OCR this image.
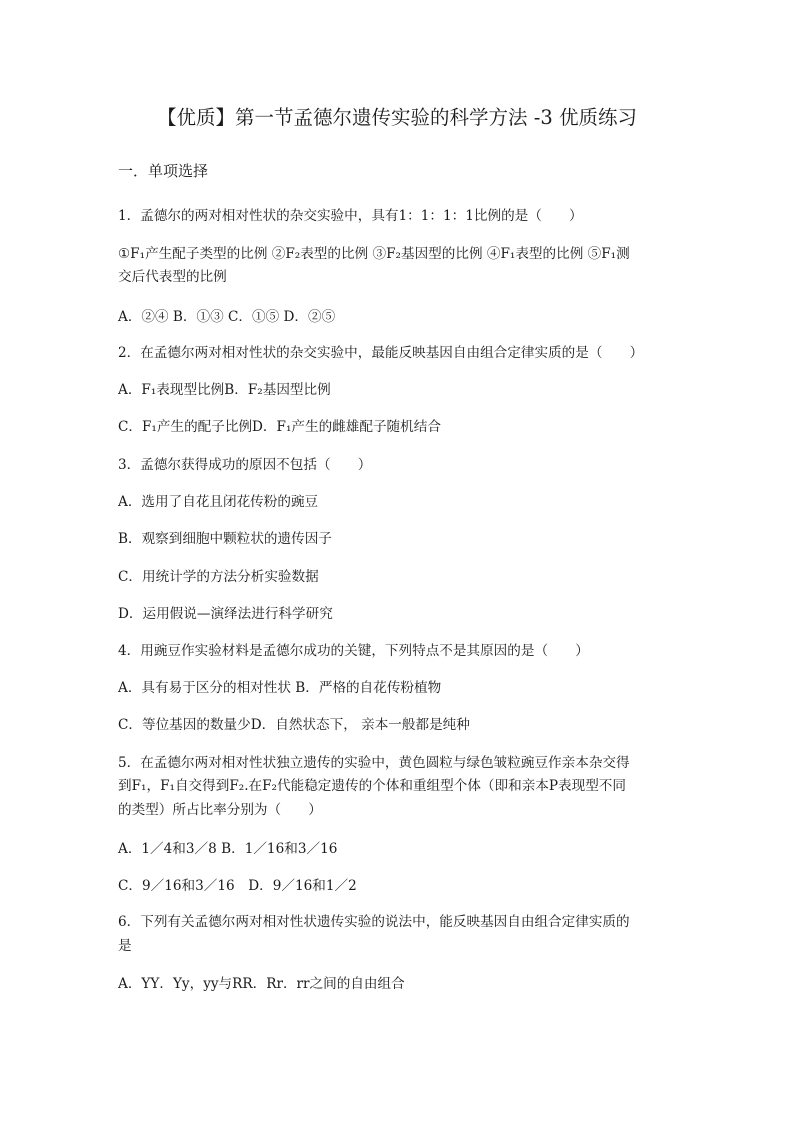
【优质】第一节孟德尔遗传实验的科学方法 -3 优质练习
一．单项选择
1．孟德尔的两对相对性状的杂交实验中，具有1：1：1：1比例的是（　　）
①F₁产生配子类型的比例 ②F₂表型的比例 ③F₂基因型的比例 ④F₁表型的比例 ⑤F₁测
交后代表型的比例
A．②④ B．①③ C．①⑤ D．②⑤
2．在孟德尔两对相对性状的杂交实验中，最能反映基因自由组合定律实质的是（　　）
A．F₁表现型比例B．F₂基因型比例
C．F₁产生的配子比例D．F₁产生的雌雄配子随机结合
3．孟德尔获得成功的原因不包括（　　）
A．选用了自花且闭花传粉的豌豆
B．观察到细胞中颗粒状的遗传因子
C．用统计学的方法分析实验数据
D．运用假说—演绎法进行科学研究
4．用豌豆作实验材料是孟德尔成功的关键，下列特点不是其原因的是（　　）
A．具有易于区分的相对性状 B．严格的自花传粉植物
C．等位基因的数量少D．自然状态下， 亲本一般都是纯种
5．在孟德尔两对相对性状独立遗传的实验中，黄色圆粒与绿色皱粒豌豆作亲本杂交得
到F₁，F₁自交得到F₂.在F₂代能稳定遗传的个体和重组型个体（即和亲本P表现型不同
的类型）所占比率分别为（　　）
A．1／4和3／8 B．1／16和3／16
C．9／16和3／16　D．9／16和1／2
6．下列有关孟德尔两对相对性状遗传实验的说法中，能反映基因自由组合定律实质的
是
A．YY．Yy，yy与RR．Rr．rr之间的自由组合
